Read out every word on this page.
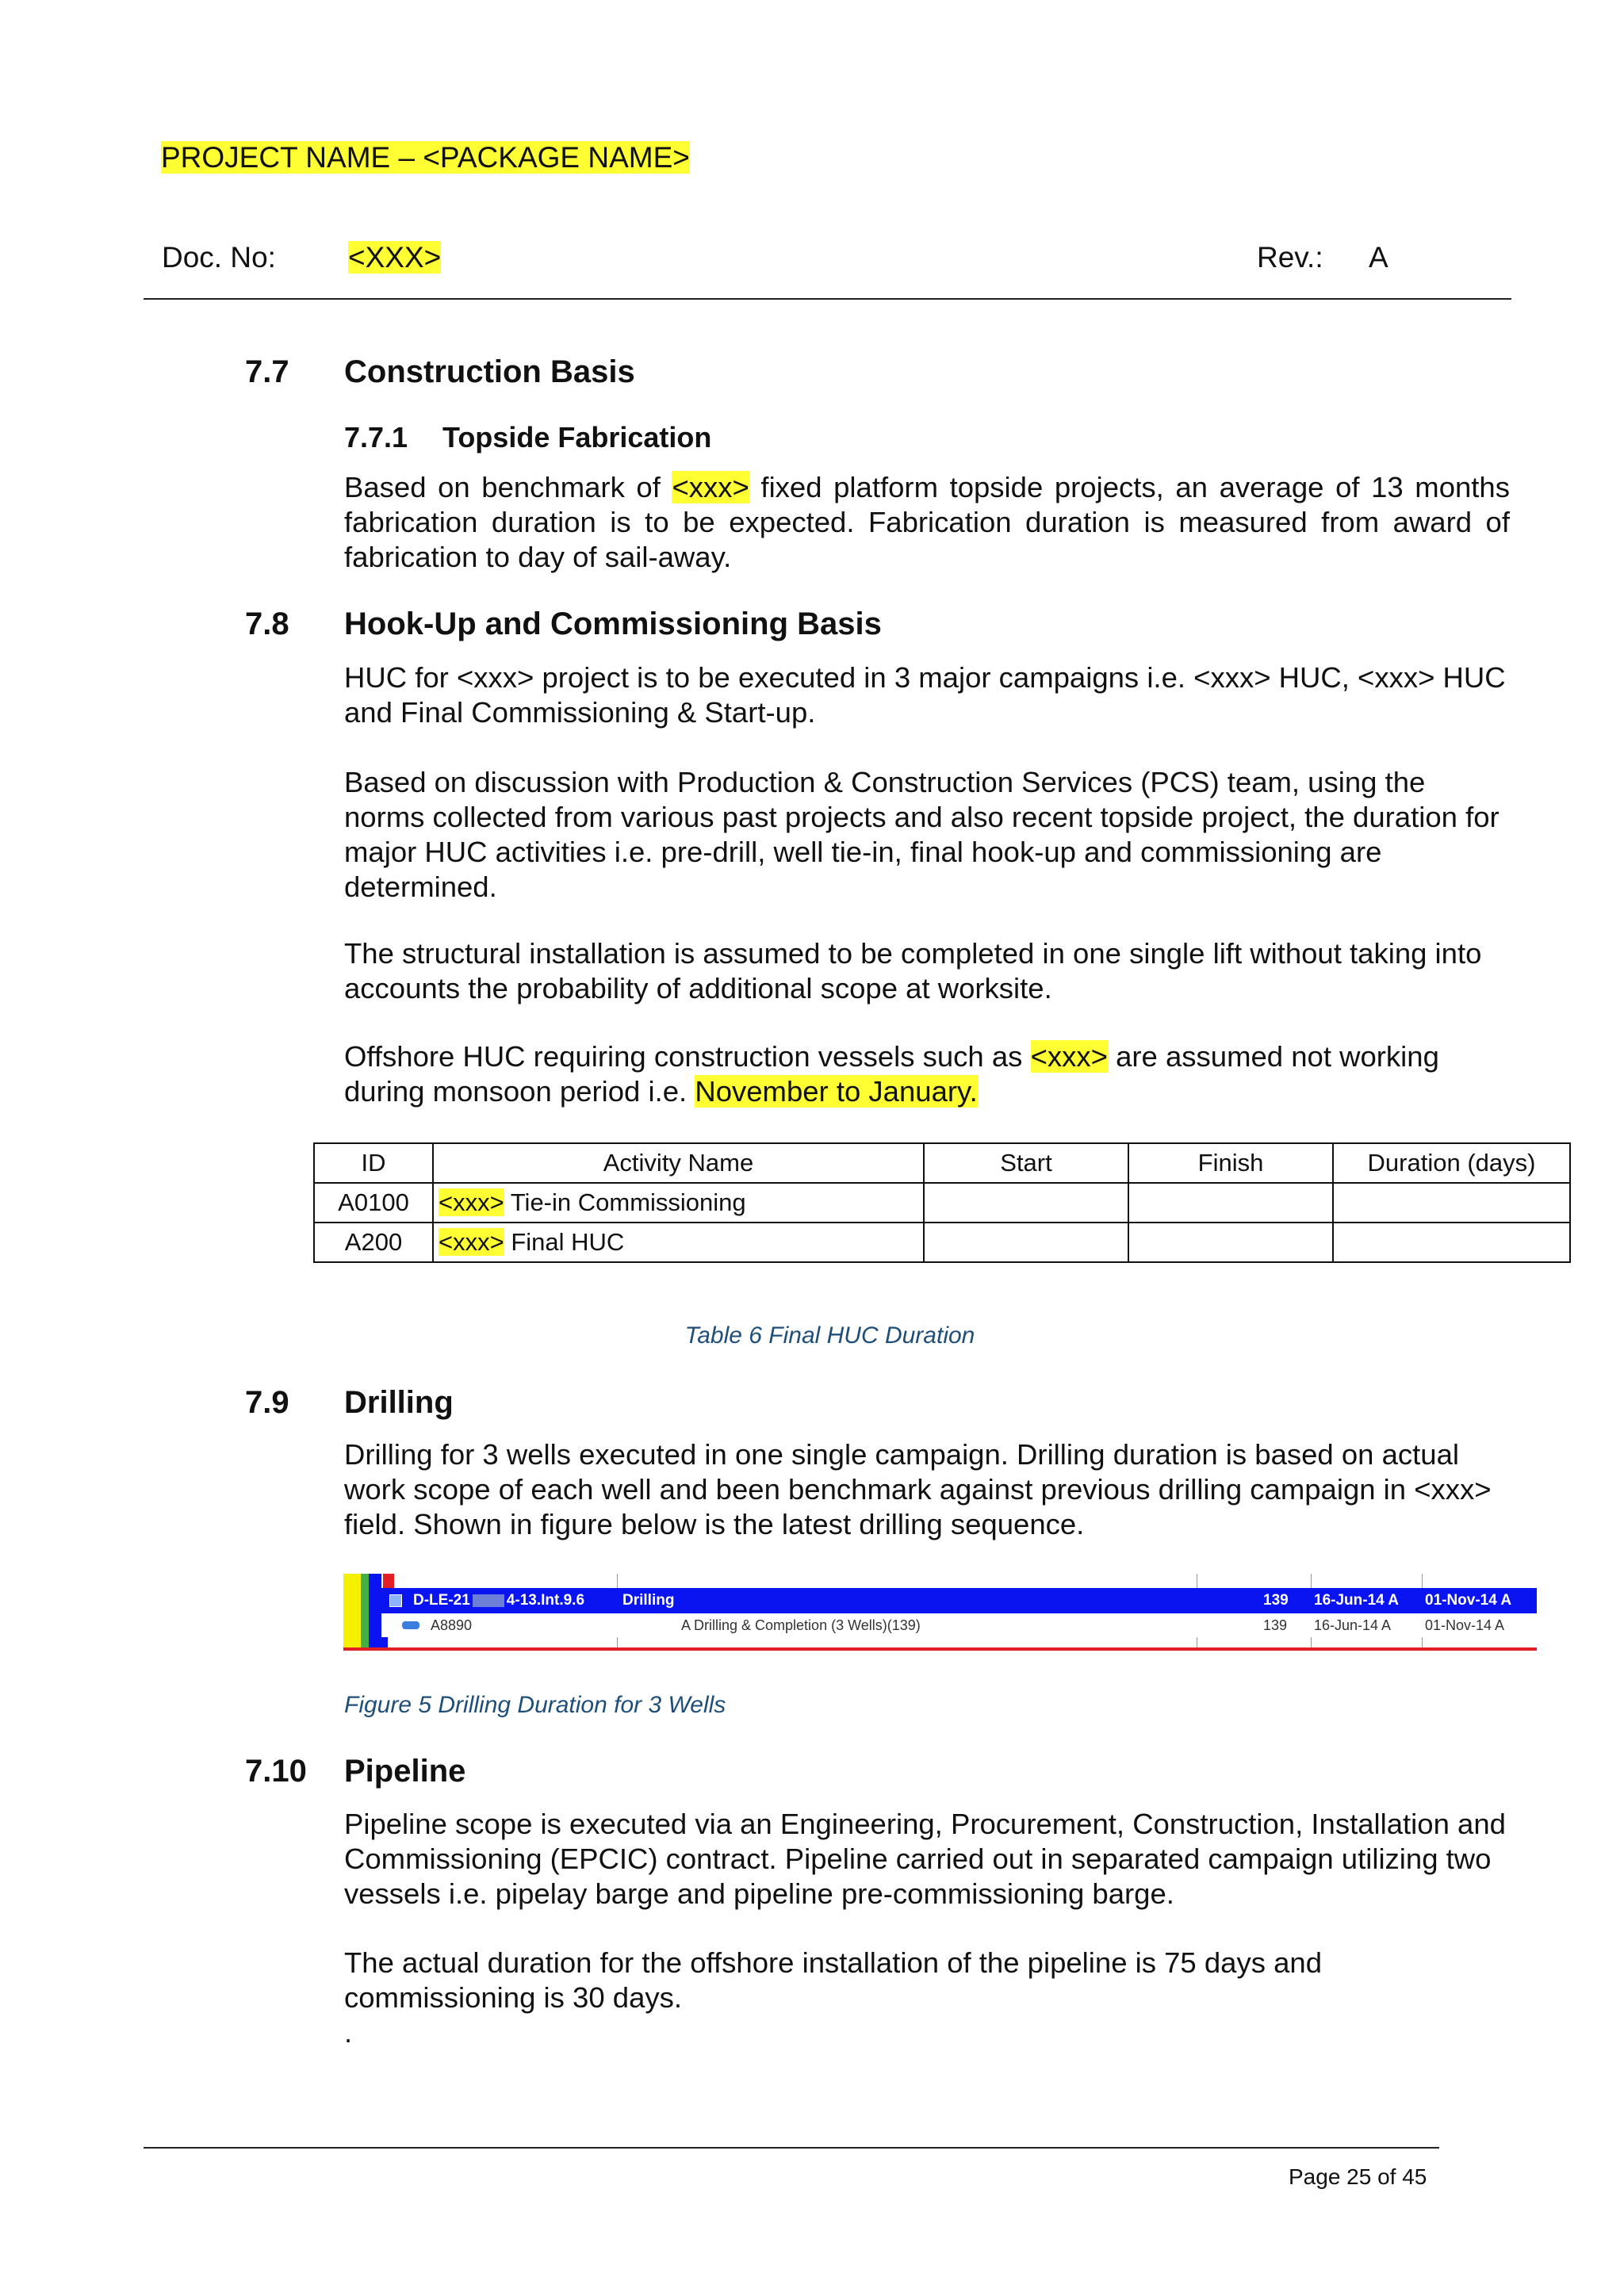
PROJECT NAME – <PACKAGE NAME>
Doc. No: <XXX>	Rev.: A
7.7 Construction Basis
7.7.1 Topside Fabrication

Based on benchmark of <xxx> fixed platform topside projects, an average of 13 months fabrication duration is to be expected. Fabrication duration is measured from award of fabrication to day of sail-away.

7.8 Hook-Up and Commissioning Basis

HUC for <xxx> project is to be executed in 3 major campaigns i.e. <xxx> HUC, <xxx> HUC and Final Commissioning & Start-up.

Based on discussion with Production & Construction Services (PCS) team, using the norms collected from various past projects and also recent topside project, the duration for major HUC activities i.e. pre-drill, well tie-in, final hook-up and commissioning are determined.

The structural installation is assumed to be completed in one single lift without taking into accounts the probability of additional scope at worksite.

Offshore HUC requiring construction vessels such as <xxx> are assumed not working during monsoon period i.e. November to January.

ID	Activity Name	Start	Finish	Duration (days)
A0100	<xxx> Tie-in Commissioning			
A200	<xxx> Final HUC			
Table 6 Final HUC Duration
7.9 Drilling

Drilling for 3 wells executed in one single campaign. Drilling duration is based on actual work scope of each well and been benchmark against previous drilling campaign in <xxx> field. Shown in figure below is the latest drilling sequence.

D-LE-21 4-13.Int.9.6	Drilling	139 16-Jun-14 A 01-Nov-14 A
A8890	A Drilling & Completion (3 Wells)(139)	139 16-Jun-14 A 01-Nov-14 A
Figure 5 Drilling Duration for 3 Wells
7.10 Pipeline

Pipeline scope is executed via an Engineering, Procurement, Construction, Installation and Commissioning (EPCIC) contract. Pipeline carried out in separated campaign utilizing two vessels i.e. pipelay barge and pipeline pre-commissioning barge.

The actual duration for the offshore installation of the pipeline is 75 days and commissioning is 30 days.

.

Page 25 of 45
